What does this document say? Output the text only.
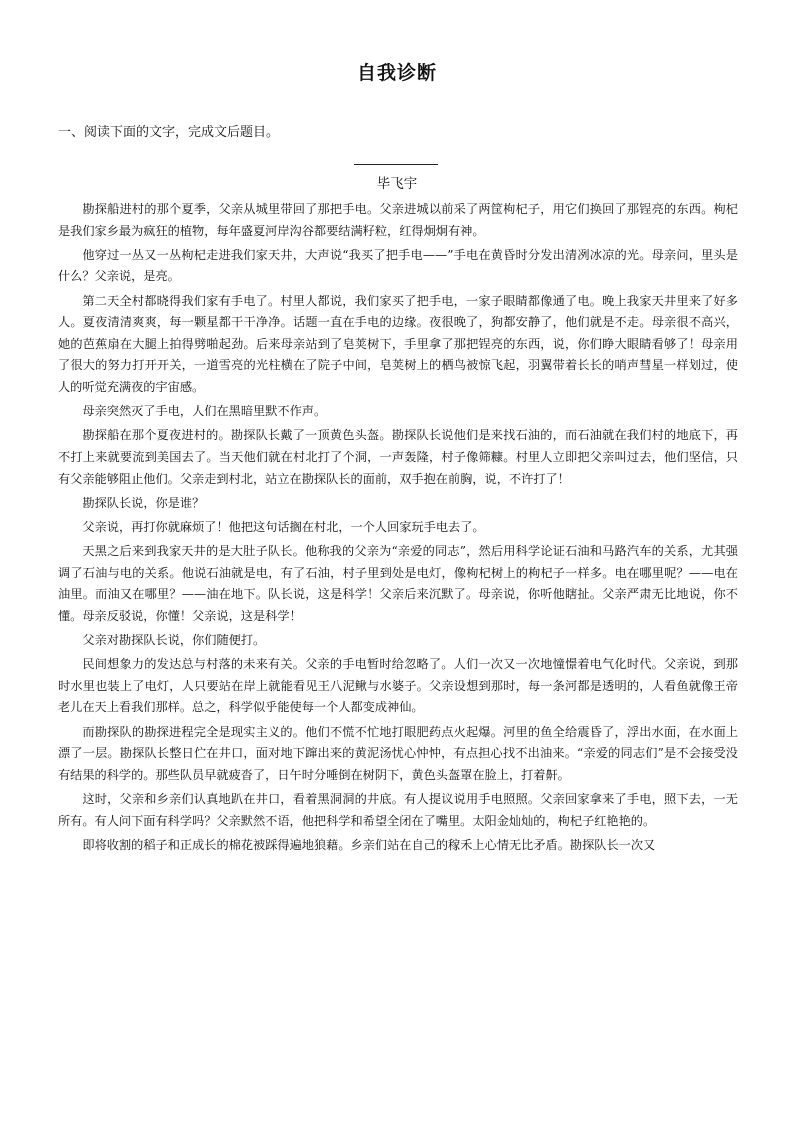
自我诊断
一、阅读下面的文字，完成文后题目。
毕飞宇

勘探船进村的那个夏季，父亲从城里带回了那把手电。父亲进城以前采了两筐枸杞子，用它们换回了那锃亮的东西。枸杞是我们家乡最为疯狂的植物，每年盛夏河岸沟谷都要结满籽粒，红得炯炯有神。

他穿过一丛又一丛枸杞走进我们家天井，大声说“我买了把手电——”手电在黄昏时分发出清冽冰凉的光。母亲问，里头是什么？父亲说，是亮。

第二天全村都晓得我们家有手电了。村里人都说，我们家买了把手电，一家子眼睛都像通了电。晚上我家天井里来了好多人。夏夜清清爽爽，每一颗星都干干净净。话题一直在手电的边缘。夜很晚了，狗都安静了，他们就是不走。母亲很不高兴，她的芭蕉扇在大腿上拍得劈啪起劲。后来母亲站到了皂荚树下，手里拿了那把锃亮的东西，说，你们睁大眼睛看够了！母亲用了很大的努力打开开关，一道雪亮的光柱横在了院子中间，皂荚树上的栖鸟被惊飞起，羽翼带着长长的哨声彗星一样划过，使人的听觉充满夜的宇宙感。

母亲突然灭了手电，人们在黑暗里默不作声。

勘探船在那个夏夜进村的。勘探队长戴了一顶黄色头盔。勘探队长说他们是来找石油的，而石油就在我们村的地底下，再不打上来就要流到美国去了。当天他们就在村北打了个洞，一声轰隆，村子像筛糠。村里人立即把父亲叫过去，他们坚信，只有父亲能够阻止他们。父亲走到村北，站立在勘探队长的面前，双手抱在前胸，说，不许打了！

勘探队长说，你是谁？

父亲说，再打你就麻烦了！他把这句话搁在村北，一个人回家玩手电去了。

天黑之后来到我家天井的是大肚子队长。他称我的父亲为“亲爱的同志”，然后用科学论证石油和马路汽车的关系，尤其强调了石油与电的关系。他说石油就是电，有了石油，村子里到处是电灯，像枸杞树上的枸杞子一样多。电在哪里呢？——电在油里。而油又在哪里？——油在地下。队长说，这是科学！父亲后来沉默了。母亲说，你听他瞎扯。父亲严肃无比地说，你不懂。母亲反驳说，你懂！父亲说，这是科学！

父亲对勘探队长说，你们随便打。

民间想象力的发达总与村落的未来有关。父亲的手电暂时给忽略了。人们一次又一次地憧憬着电气化时代。父亲说，到那时水里也装上了电灯，人只要站在岸上就能看见王八泥鳅与水婆子。父亲设想到那时，每一条河都是透明的，人看鱼就像王帝老儿在天上看我们那样。总之，科学似乎能使每一个人都变成神仙。

而勘探队的勘探进程完全是现实主义的。他们不慌不忙地打眼肥药点火起爆。河里的鱼全给震昏了，浮出水面，在水面上漂了一层。勘探队长整日伫在井口，面对地下蹿出来的黄泥汤忧心忡忡，有点担心找不出油来。“亲爱的同志们”是不会接受没有结果的科学的。那些队员早就疲沓了，日午时分唾倒在树阴下，黄色头盔罩在脸上，打着鼾。

这时，父亲和乡亲们认真地趴在井口，看着黑洞洞的井底。有人提议说用手电照照。父亲回家拿来了手电，照下去，一无所有。有人问下面有科学吗？父亲默然不语，他把科学和希望全闭在了嘴里。太阳金灿灿的，枸杞子红艳艳的。

即将收割的稻子和正成长的棉花被踩得遍地狼藉。乡亲们站在自己的稼禾上心情无比矛盾。勘探队长一次又
